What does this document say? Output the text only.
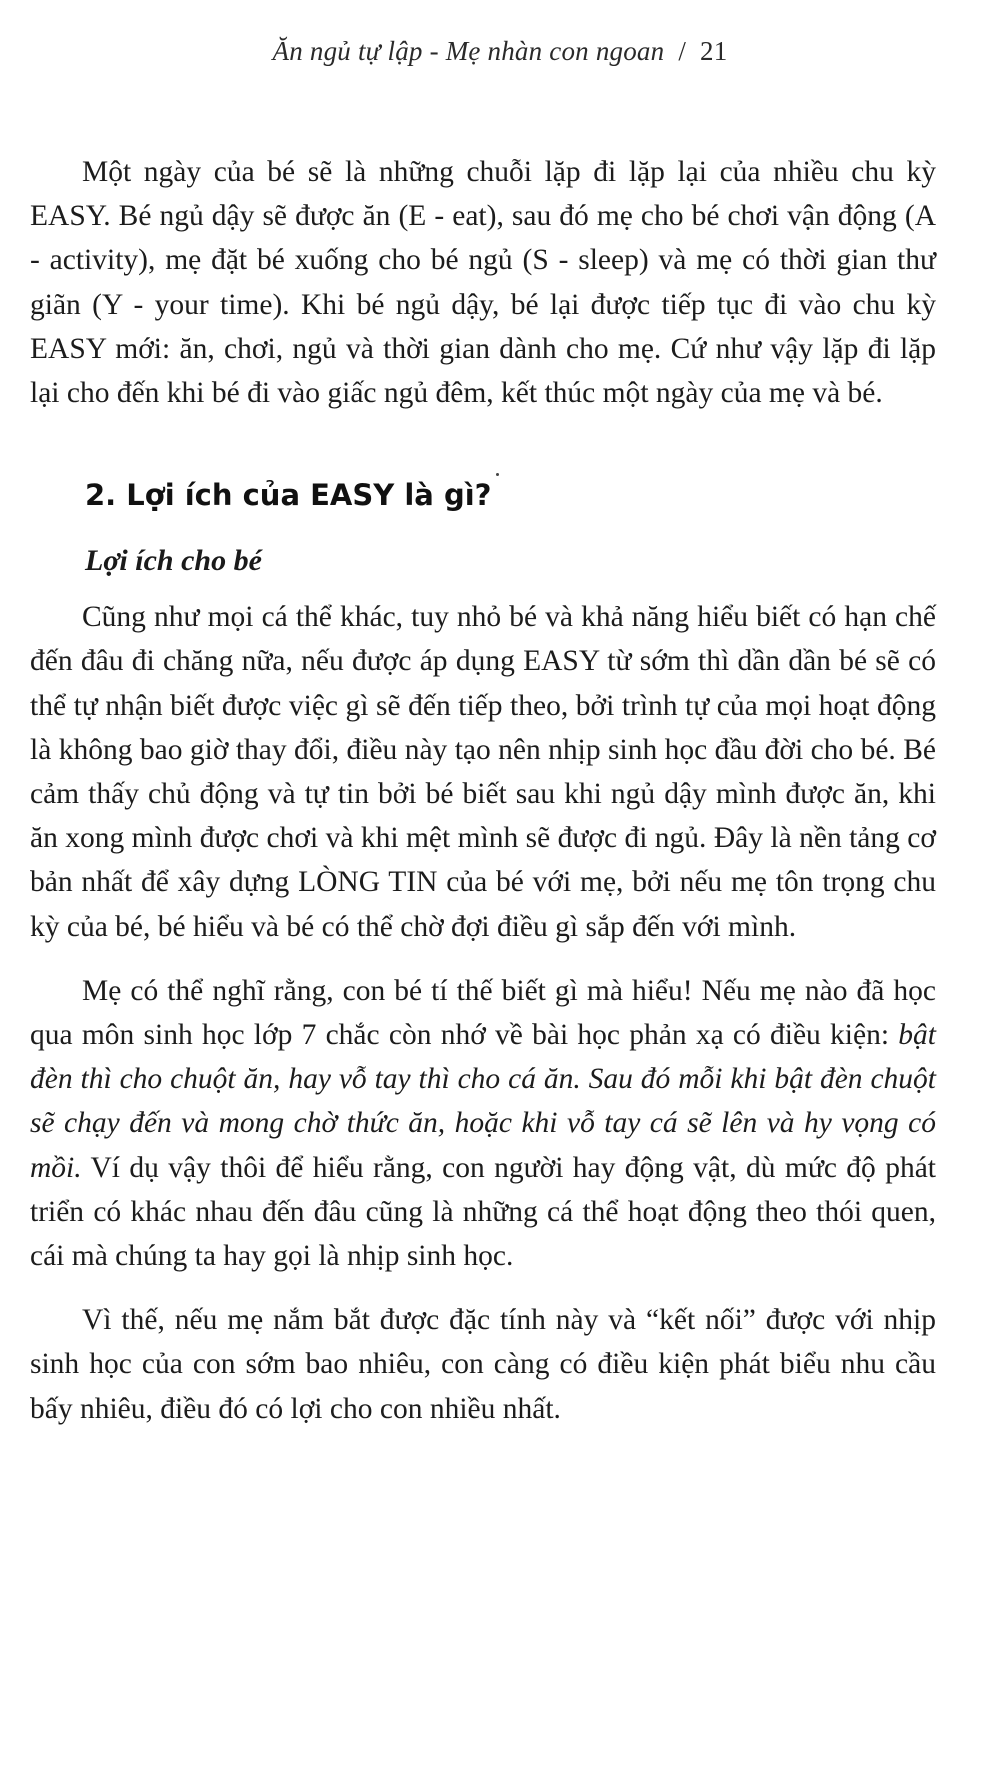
Ăn ngủ tự lập - Mẹ nhàn con ngoan / 21

Một ngày của bé sẽ là những chuỗi lặp đi lặp lại của nhiều chu kỳ EASY. Bé ngủ dậy sẽ được ăn (E - eat), sau đó mẹ cho bé chơi vận động (A - activity), mẹ đặt bé xuống cho bé ngủ (S - sleep) và mẹ có thời gian thư giãn (Y - your time). Khi bé ngủ dậy, bé lại được tiếp tục đi vào chu kỳ EASY mới: ăn, chơi, ngủ và thời gian dành cho mẹ. Cứ như vậy lặp đi lặp lại cho đến khi bé đi vào giấc ngủ đêm, kết thúc một ngày của mẹ và bé.

2. Lợi ích của EASY là gì?
Lợi ích cho bé

Cũng như mọi cá thể khác, tuy nhỏ bé và khả năng hiểu biết có hạn chế đến đâu đi chăng nữa, nếu được áp dụng EASY từ sớm thì dần dần bé sẽ có thể tự nhận biết được việc gì sẽ đến tiếp theo, bởi trình tự của mọi hoạt động là không bao giờ thay đổi, điều này tạo nên nhịp sinh học đầu đời cho bé. Bé cảm thấy chủ động và tự tin bởi bé biết sau khi ngủ dậy mình được ăn, khi ăn xong mình được chơi và khi mệt mình sẽ được đi ngủ. Đây là nền tảng cơ bản nhất để xây dựng LÒNG TIN của bé với mẹ, bởi nếu mẹ tôn trọng chu kỳ của bé, bé hiểu và bé có thể chờ đợi điều gì sắp đến với mình.

Mẹ có thể nghĩ rằng, con bé tí thế biết gì mà hiểu! Nếu mẹ nào đã học qua môn sinh học lớp 7 chắc còn nhớ về bài học phản xạ có điều kiện: bật đèn thì cho chuột ăn, hay vỗ tay thì cho cá ăn. Sau đó mỗi khi bật đèn chuột sẽ chạy đến và mong chờ thức ăn, hoặc khi vỗ tay cá sẽ lên và hy vọng có mồi. Ví dụ vậy thôi để hiểu rằng, con người hay động vật, dù mức độ phát triển có khác nhau đến đâu cũng là những cá thể hoạt động theo thói quen, cái mà chúng ta hay gọi là nhịp sinh học.

Vì thế, nếu mẹ nắm bắt được đặc tính này và “kết nối” được với nhịp sinh học của con sớm bao nhiêu, con càng có điều kiện phát biểu nhu cầu bấy nhiêu, điều đó có lợi cho con nhiều nhất.
